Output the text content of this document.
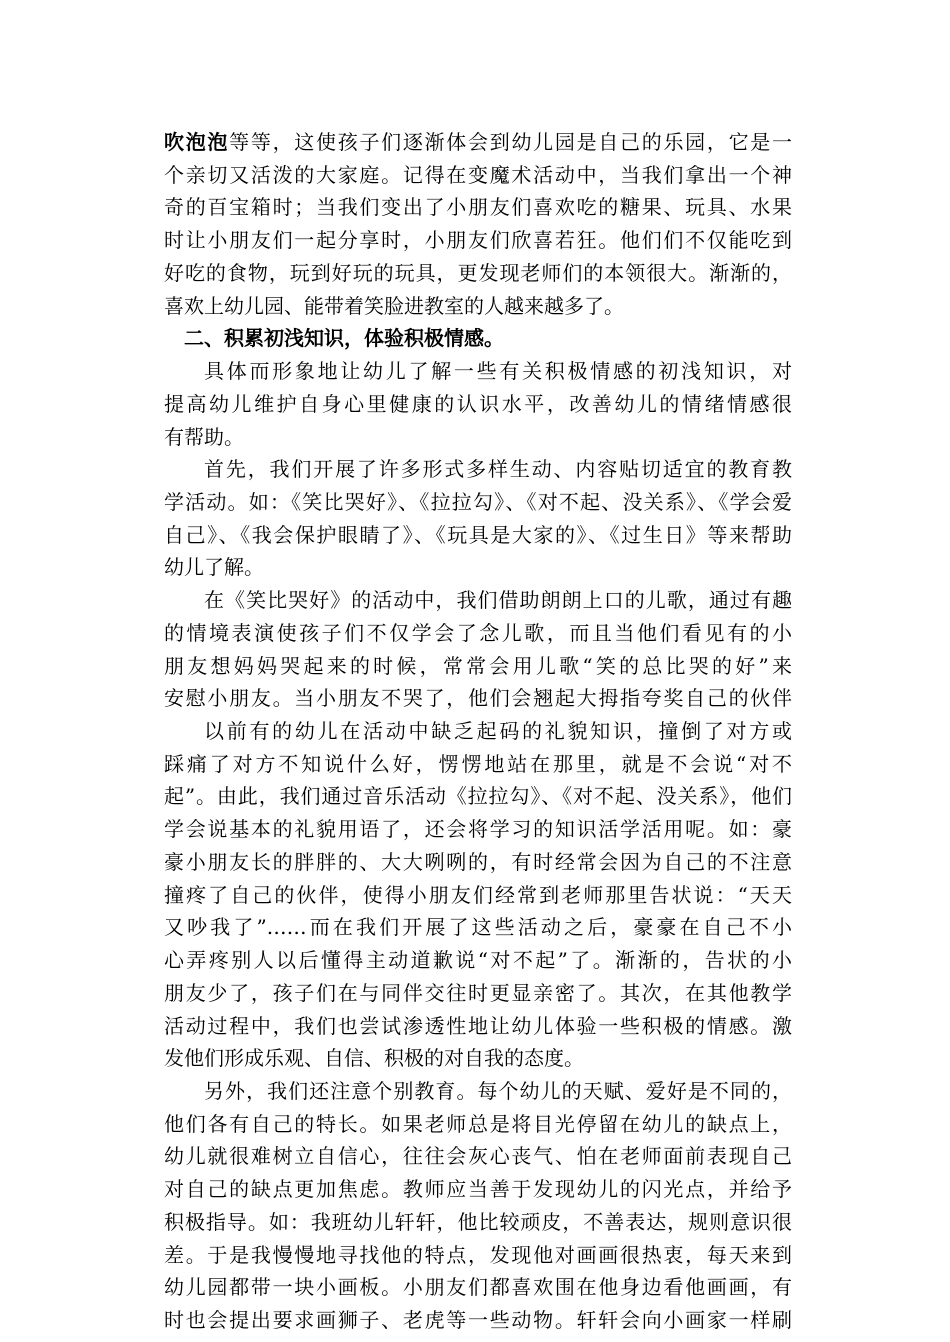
吹泡泡等等，这使孩子们逐渐体会到幼儿园是自己的乐园，它是一
个亲切又活泼的大家庭。记得在变魔术活动中，当我们拿出一个神
奇的百宝箱时；当我们变出了小朋友们喜欢吃的糖果、玩具、水果
时让小朋友们一起分享时，小朋友们欣喜若狂。他们们不仅能吃到
好吃的食物，玩到好玩的玩具，更发现老师们的本领很大。渐渐的，
喜欢上幼儿园、能带着笑脸进教室的人越来越多了。
二、积累初浅知识，体验积极情感。
具体而形象地让幼儿了解一些有关积极情感的初浅知识，对
提高幼儿维护自身心里健康的认识水平，改善幼儿的情绪情感很
有帮助。
首先，我们开展了许多形式多样生动、内容贴切适宜的教育教
学活动。如：《笑比哭好》、《拉拉勾》、《对不起、没关系》、《学会爱
自己》、《我会保护眼睛了》、《玩具是大家的》、《过生日》等来帮助
幼儿了解。
在《笑比哭好》的活动中，我们借助朗朗上口的儿歌，通过有趣
的情境表演使孩子们不仅学会了念儿歌，而且当他们看见有的小
朋友想妈妈哭起来的时候，常常会用儿歌“笑的总比哭的好”来
安慰小朋友。当小朋友不哭了，他们会翘起大拇指夸奖自己的伙伴
以前有的幼儿在活动中缺乏起码的礼貌知识，撞倒了对方或
踩痛了对方不知说什么好，愣愣地站在那里，就是不会说“对不
起”。由此，我们通过音乐活动《拉拉勾》、《对不起、没关系》，他们
学会说基本的礼貌用语了，还会将学习的知识活学活用呢。如：豪
豪小朋友长的胖胖的、大大咧咧的，有时经常会因为自己的不注意
撞疼了自己的伙伴，使得小朋友们经常到老师那里告状说：“天天
又吵我了”……而在我们开展了这些活动之后，豪豪在自己不小
心弄疼别人以后懂得主动道歉说“对不起”了。渐渐的，告状的小
朋友少了，孩子们在与同伴交往时更显亲密了。其次，在其他教学
活动过程中，我们也尝试渗透性地让幼儿体验一些积极的情感。激
发他们形成乐观、自信、积极的对自我的态度。
另外，我们还注意个别教育。每个幼儿的天赋、爱好是不同的，
他们各有自己的特长。如果老师总是将目光停留在幼儿的缺点上，
幼儿就很难树立自信心，往往会灰心丧气、怕在老师面前表现自己
对自己的缺点更加焦虑。教师应当善于发现幼儿的闪光点，并给予
积极指导。如：我班幼儿轩轩，他比较顽皮，不善表达，规则意识很
差。于是我慢慢地寻找他的特点，发现他对画画很热衷，每天来到
幼儿园都带一块小画板。小朋友们都喜欢围在他身边看他画画，有
时也会提出要求画狮子、老虎等一些动物。轩轩会向小画家一样刷
